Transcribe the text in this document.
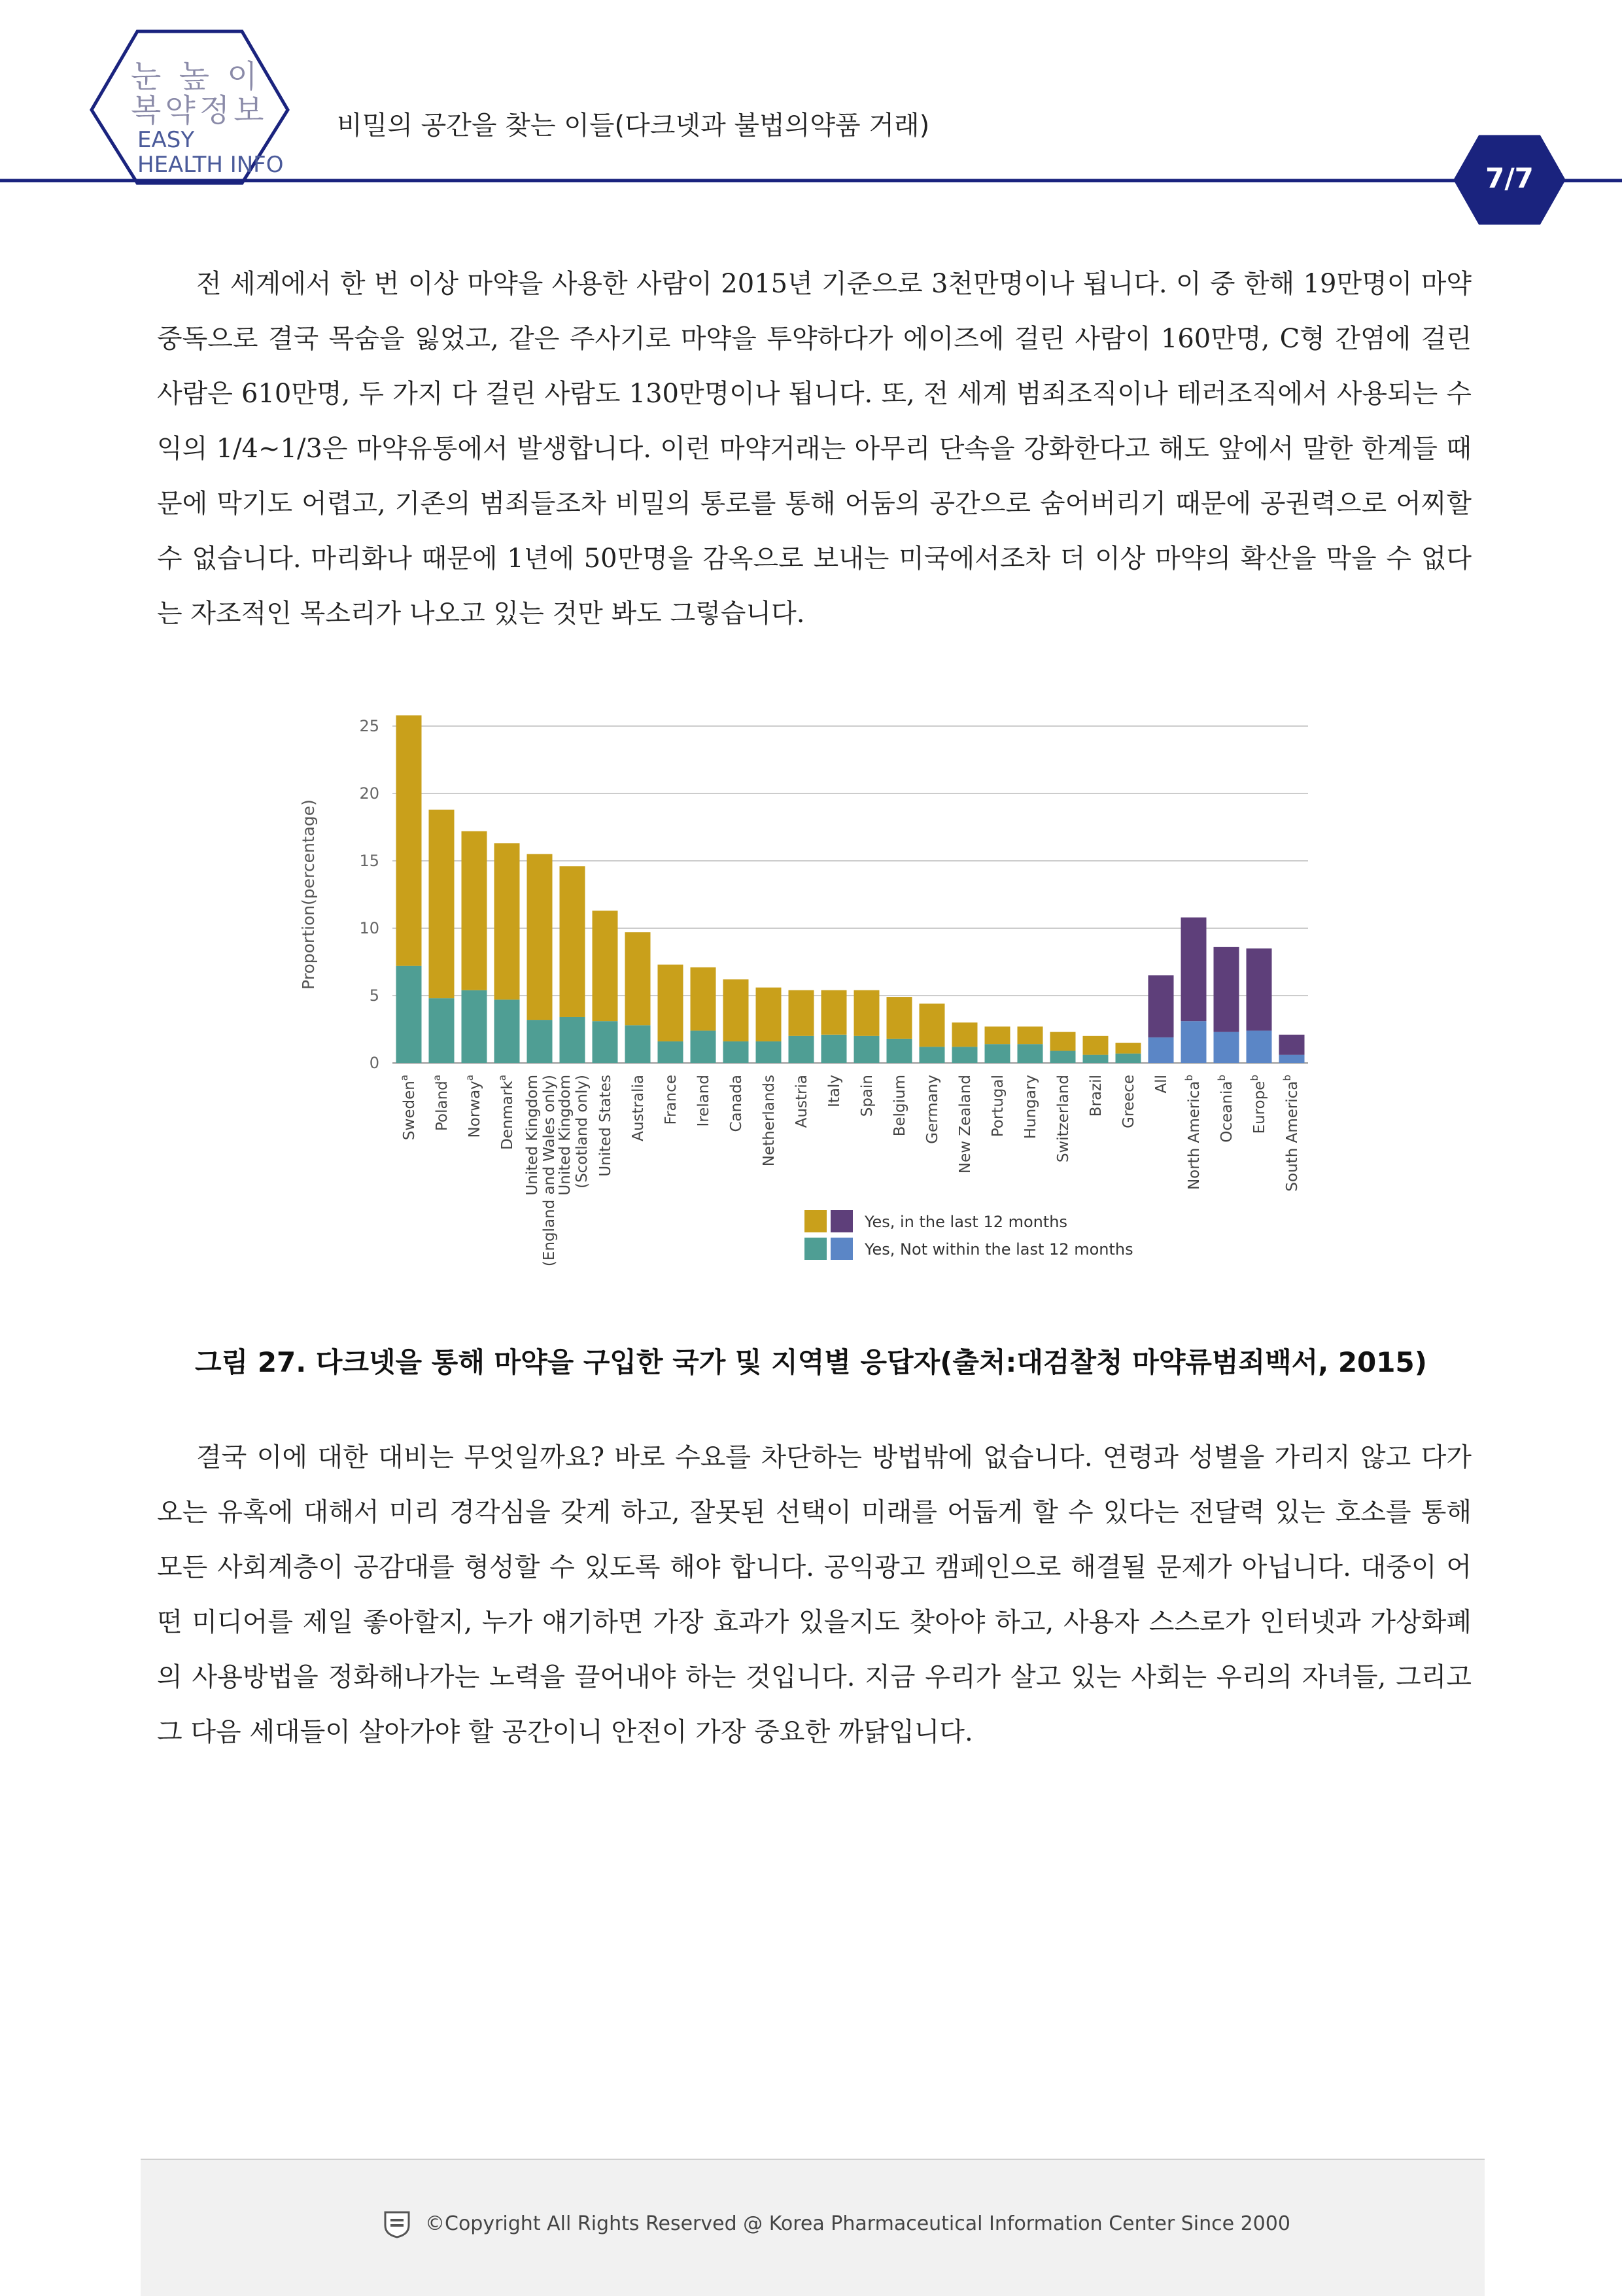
눈 높 이
복약정보
EASY
HEALTH INFO
비밀의 공간을 찾는 이들(다크넷과 불법의약품 거래)
7/7

전 세계에서 한 번 이상 마약을 사용한 사람이 2015년 기준으로 3천만명이나 됩니다. 이 중 한해 19만명이 마약중독으로 결국 목숨을 잃었고, 같은 주사기로 마약을 투약하다가 에이즈에 걸린 사람이 160만명, C형 간염에 걸린 사람은 610만명, 두 가지 다 걸린 사람도 130만명이나 됩니다. 또, 전 세계 범죄조직이나 테러조직에서 사용되는 수익의 1/4~1/3은 마약유통에서 발생합니다. 이런 마약거래는 아무리 단속을 강화한다고 해도 앞에서 말한 한계들 때문에 막기도 어렵고, 기존의 범죄들조차 비밀의 통로를 통해 어둠의 공간으로 숨어버리기 때문에 공권력으로 어찌할 수 없습니다. 마리화나 때문에 1년에 50만명을 감옥으로 보내는 미국에서조차 더 이상 마약의 확산을 막을 수 없다는 자조적인 목소리가 나오고 있는 것만 봐도 그렇습니다.

0
5
10
15
20
25
Proportion(percentage)
Sweden$^a$
Poland$^a$
Norway$^a$
Denmark$^a$	United Kingdom(England and Wales only)
United Kingdom(Scotland only) United States Australia France Ireland Canada Netherlands Austria Italy Spain Belgium Germany New Zealand Portugal Hungary Switzerland Brazil Greece All North America$^b$
Oceania$^b$
Europe$^b$
South America$^b$
Yes, in the last 12 months
Yes, Not within the last 12 months
그림 27. 다크넷을 통해 마약을 구입한 국가 및 지역별 응답자(출처:대검찰청 마약류범죄백서, 2015)

결국 이에 대한 대비는 무엇일까요? 바로 수요를 차단하는 방법밖에 없습니다. 연령과 성별을 가리지 않고 다가오는 유혹에 대해서 미리 경각심을 갖게 하고, 잘못된 선택이 미래를 어둡게 할 수 있다는 전달력 있는 호소를 통해 모든 사회계층이 공감대를 형성할 수 있도록 해야 합니다. 공익광고 캠페인으로 해결될 문제가 아닙니다. 대중이 어떤 미디어를 제일 좋아할지, 누가 얘기하면 가장 효과가 있을지도 찾아야 하고, 사용자 스스로가 인터넷과 가상화폐의 사용방법을 정화해나가는 노력을 끌어내야 하는 것입니다. 지금 우리가 살고 있는 사회는 우리의 자녀들, 그리고 그 다음 세대들이 살아가야 할 공간이니 안전이 가장 중요한 까닭입니다.

©Copyright All Rights Reserved @ Korea Pharmaceutical Information Center Since 2000
